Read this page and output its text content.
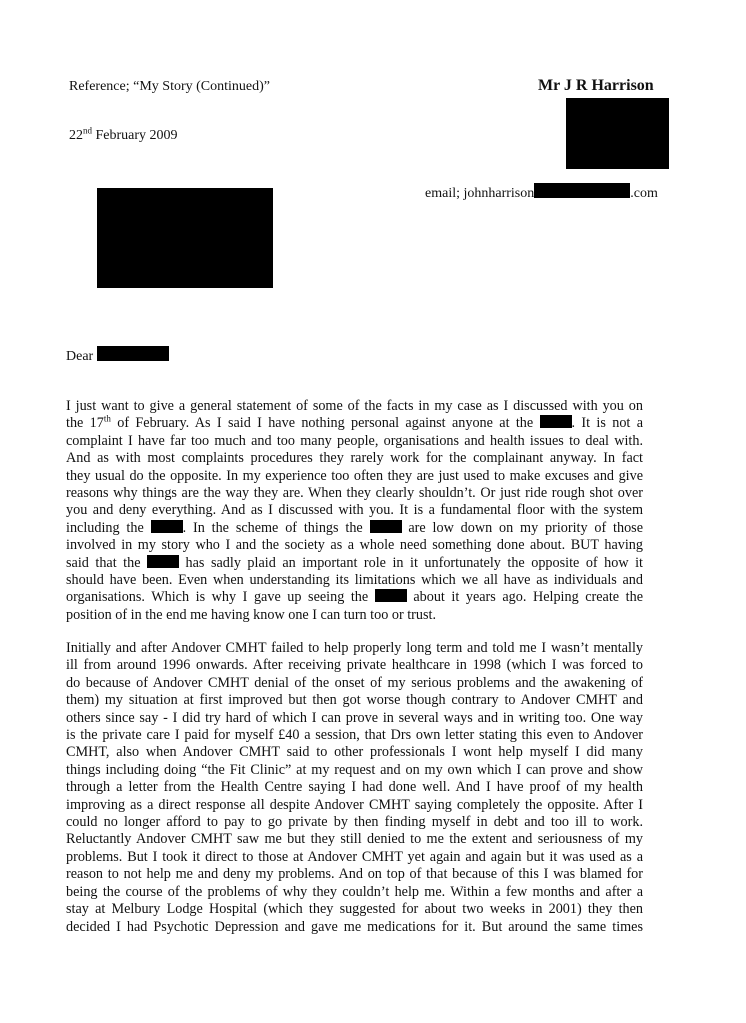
Reference; “My Story (Continued)”	Mr J R Harrison
22nd February 2009
email; johnharrison	.com
Dear
I just want to give a general statement of some of the facts in my case as I discussed with you on
the 17th of February. As I said I have nothing personal against anyone at the . It is not a
complaint I have far too much and too many people, organisations and health issues to deal with.
And as with most complaints procedures they rarely work for the complainant anyway. In fact
they usual do the opposite. In my experience too often they are just used to make excuses and give
reasons why things are the way they are. When they clearly shouldn’t. Or just ride rough shot over
you and deny everything. And as I discussed with you. It is a fundamental floor with the system
including the . In the scheme of things the  are low down on my priority of those
involved in my story who I and the society as a whole need something done about. BUT having
said that the  has sadly plaid an important role in it unfortunately the opposite of how it
should have been. Even when understanding its limitations which we all have as individuals and
organisations. Which is why I gave up seeing the  about it years ago. Helping create the
position of in the end me having know one I can turn too or trust.
Initially and after Andover CMHT failed to help properly long term and told me I wasn’t mentally
ill from around 1996 onwards. After receiving private healthcare in 1998 (which I was forced to
do because of Andover CMHT denial of the onset of my serious problems and the awakening of
them) my situation at first improved but then got worse though contrary to Andover CMHT and
others since say - I did try hard of which I can prove in several ways and in writing too. One way
is the private care I paid for myself £40 a session, that Drs own letter stating this even to Andover
CMHT, also when Andover CMHT said to other professionals I wont help myself I did many
things including doing “the Fit Clinic” at my request and on my own which I can prove and show
through a letter from the Health Centre saying I had done well. And I have proof of my health
improving as a direct response all despite Andover CMHT saying completely the opposite. After I
could no longer afford to pay to go private by then finding myself in debt and too ill to work.
Reluctantly Andover CMHT saw me but they still denied to me the extent and seriousness of my
problems. But I took it direct to those at Andover CMHT yet again and again but it was used as a
reason to not help me and deny my problems. And on top of that because of this I was blamed for
being the course of the problems of why they couldn’t help me. Within a few months and after a
stay at Melbury Lodge Hospital (which they suggested for about two weeks in 2001) they then
decided I had Psychotic Depression and gave me medications for it. But around the same times
